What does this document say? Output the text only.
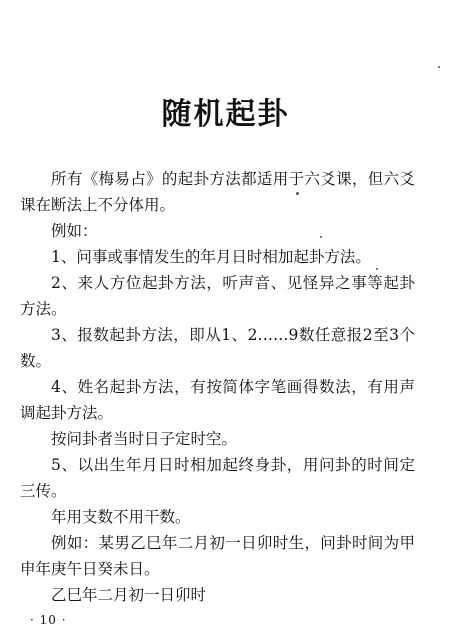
随机起卦

所有《梅易占》的起卦方法都适用于六爻课，但六爻课在断法上不分体用。

例如：

1、问事或事情发生的年月日时相加起卦方法。

2、来人方位起卦方法，听声音、见怪异之事等起卦方法。

3、报数起卦方法，即从1、2……9数任意报2至3个数。

4、姓名起卦方法，有按简体字笔画得数法，有用声调起卦方法。

按问卦者当时日子定时空。

5、以出生年月日时相加起终身卦，用问卦的时间定三传。

年用支数不用干数。

例如：某男乙巳年二月初一日卯时生，问卦时间为甲申年庚午日癸未日。

乙巳年二月初一日卯时

· 10 ·
